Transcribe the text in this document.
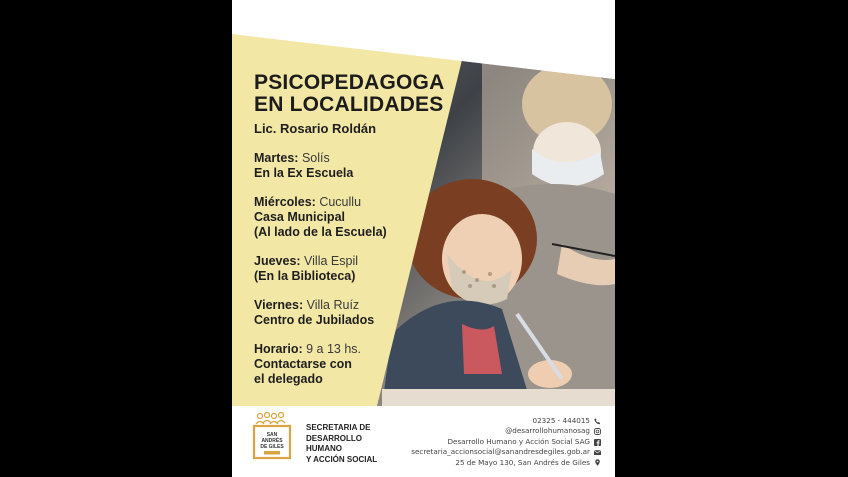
PSICOPEDAGOGA
EN LOCALIDADES
Lic. Rosario Roldán
Martes: Solís
En la Ex Escuela
Miércoles: Cucullu
Casa Municipal
(Al lado de la Escuela)
Jueves: Villa Espil
(En la Biblioteca)
Viernes: Villa Ruíz
Centro de Jubilados
Horario: 9 a 13 hs.
Contactarse con
el delegado
SAN
ANDRÉS
DE GILES
SECRETARIA DE
DESARROLLO
HUMANO
Y ACCIÓN SOCIAL
02325 - 444015
@desarrollohumanosag
Desarrollo Humano y Acción Social SAG
secretaria_accionsocial@sanandresdegiles.gob.ar
25 de Mayo 130, San Andrés de Giles
